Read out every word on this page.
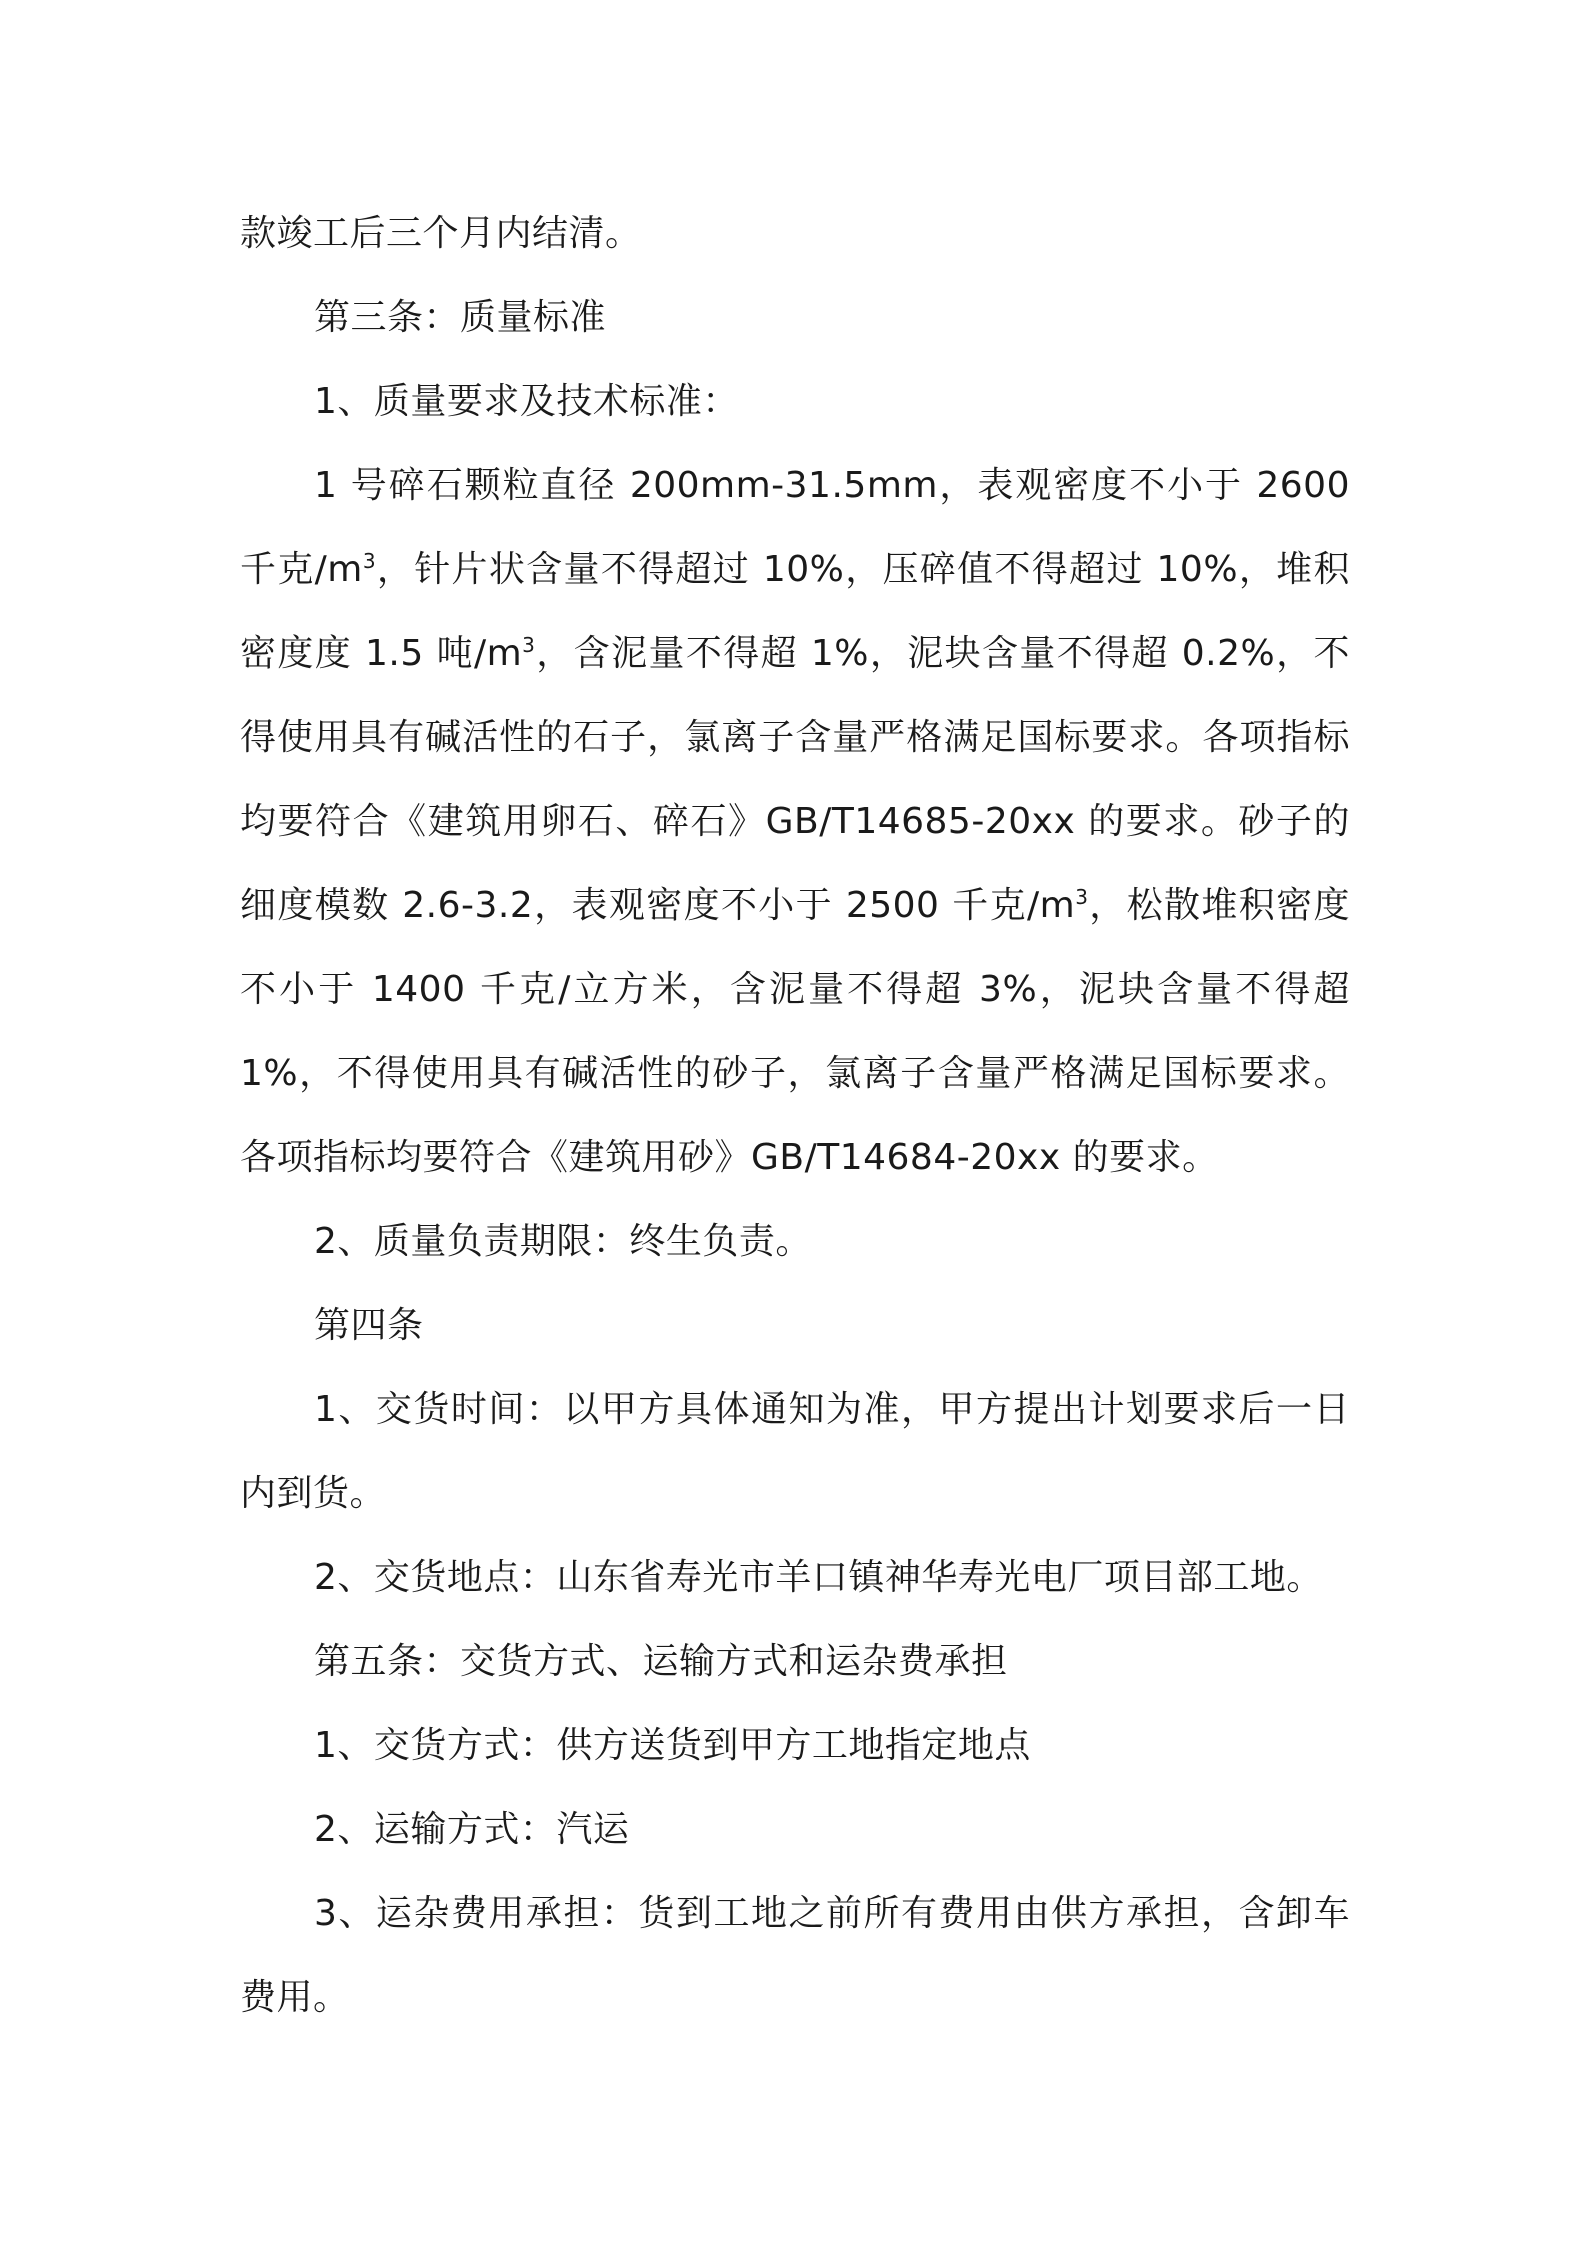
款竣工后三个月内结清。

第三条：质量标准

1、质量要求及技术标准：

1 号碎石颗粒直径 200mm-31.5mm，表观密度不小于 2600 千克$/m^3$，针片状含量不得超过 10%，压碎值不得超过 10%，堆积密度度 1.5 吨$/m^3$，含泥量不得超 1%，泥块含量不得超 0.2%，不得使用具有碱活性的石子，氯离子含量严格满足国标要求。各项指标均要符合《建筑用卵石、碎石》GB/T14685-20xx 的要求。砂子的细度模数 2.6-3.2，表观密度不小于 2500 千克$/m^3$，松散堆积密度不小于 1400 千克/立方米，含泥量不得超 3%，泥块含量不得超 1%，不得使用具有碱活性的砂子，氯离子含量严格满足国标要求。各项指标均要符合《建筑用砂》GB/T14684-20xx 的要求。

2、质量负责期限：终生负责。

第四条

1、交货时间：以甲方具体通知为准，甲方提出计划要求后一日内到货。

2、交货地点：山东省寿光市羊口镇神华寿光电厂项目部工地。

第五条：交货方式、运输方式和运杂费承担

1、交货方式：供方送货到甲方工地指定地点

2、运输方式：汽运

3、运杂费用承担：货到工地之前所有费用由供方承担，含卸车费用。
